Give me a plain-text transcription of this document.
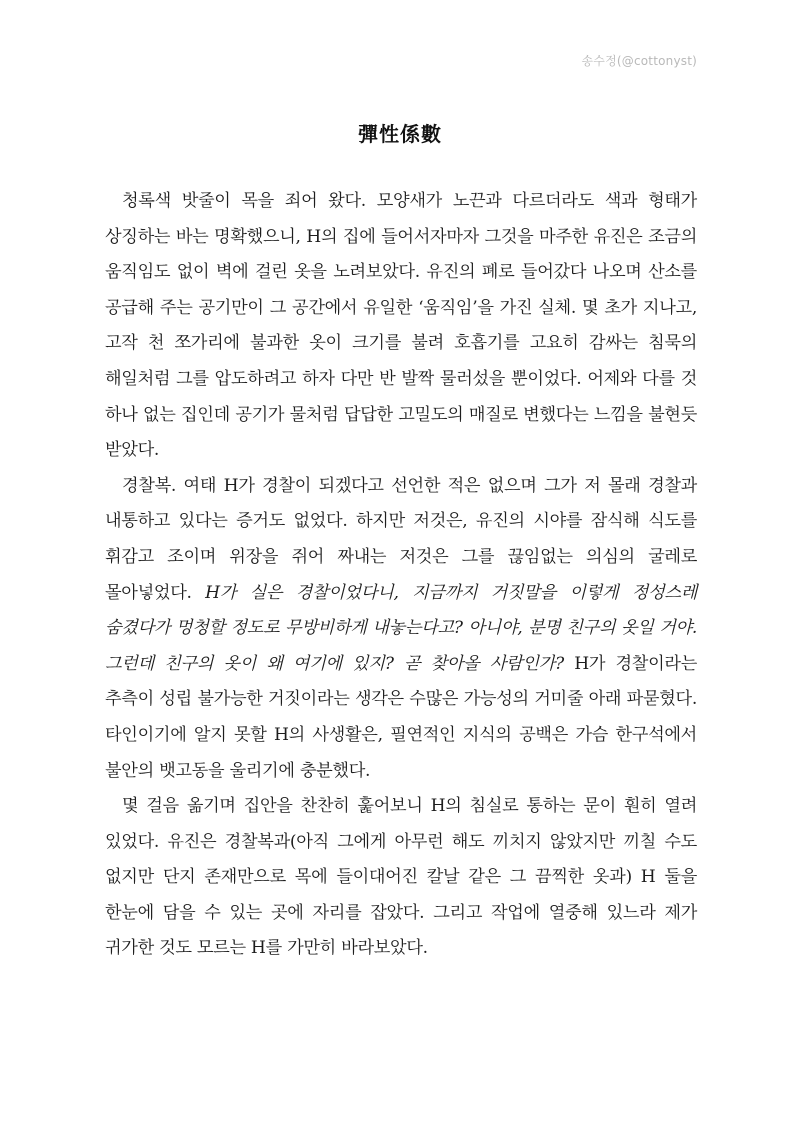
송수정(@cottonyst)
彈性係數

청록색 밧줄이 목을 죄어 왔다. 모양새가 노끈과 다르더라도 색과 형태가 상징하는 바는 명확했으니, H의 집에 들어서자마자 그것을 마주한 유진은 조금의 움직임도 없이 벽에 걸린 옷을 노려보았다. 유진의 폐로 들어갔다 나오며 산소를 공급해 주는 공기만이 그 공간에서 유일한 ‘움직임’을 가진 실체. 몇 초가 지나고, 고작 천 쪼가리에 불과한 옷이 크기를 불려 호흡기를 고요히 감싸는 침묵의 해일처럼 그를 압도하려고 하자 다만 반 발짝 물러섰을 뿐이었다. 어제와 다를 것 하나 없는 집인데 공기가 물처럼 답답한 고밀도의 매질로 변했다는 느낌을 불현듯 받았다.

경찰복. 여태 H가 경찰이 되겠다고 선언한 적은 없으며 그가 저 몰래 경찰과 내통하고 있다는 증거도 없었다. 하지만 저것은, 유진의 시야를 잠식해 식도를 휘감고 조이며 위장을 쥐어 짜내는 저것은 그를 끊임없는 의심의 굴레로 몰아넣었다. H가 실은 경찰이었다니, 지금까지 거짓말을 이렇게 정성스레 숨겼다가 멍청할 정도로 무방비하게 내놓는다고? 아니야, 분명 친구의 옷일 거야. 그런데 친구의 옷이 왜 여기에 있지? 곧 찾아올 사람인가? H가 경찰이라는 추측이 성립 불가능한 거짓이라는 생각은 수많은 가능성의 거미줄 아래 파묻혔다. 타인이기에 알지 못할 H의 사생활은, 필연적인 지식의 공백은 가슴 한구석에서 불안의 뱃고동을 울리기에 충분했다.

몇 걸음 옮기며 집안을 찬찬히 훑어보니 H의 침실로 통하는 문이 훤히 열려 있었다. 유진은 경찰복과(아직 그에게 아무런 해도 끼치지 않았지만 끼칠 수도 없지만 단지 존재만으로 목에 들이대어진 칼날 같은 그 끔찍한 옷과) H 둘을 한눈에 담을 수 있는 곳에 자리를 잡았다. 그리고 작업에 열중해 있느라 제가 귀가한 것도 모르는 H를 가만히 바라보았다.
